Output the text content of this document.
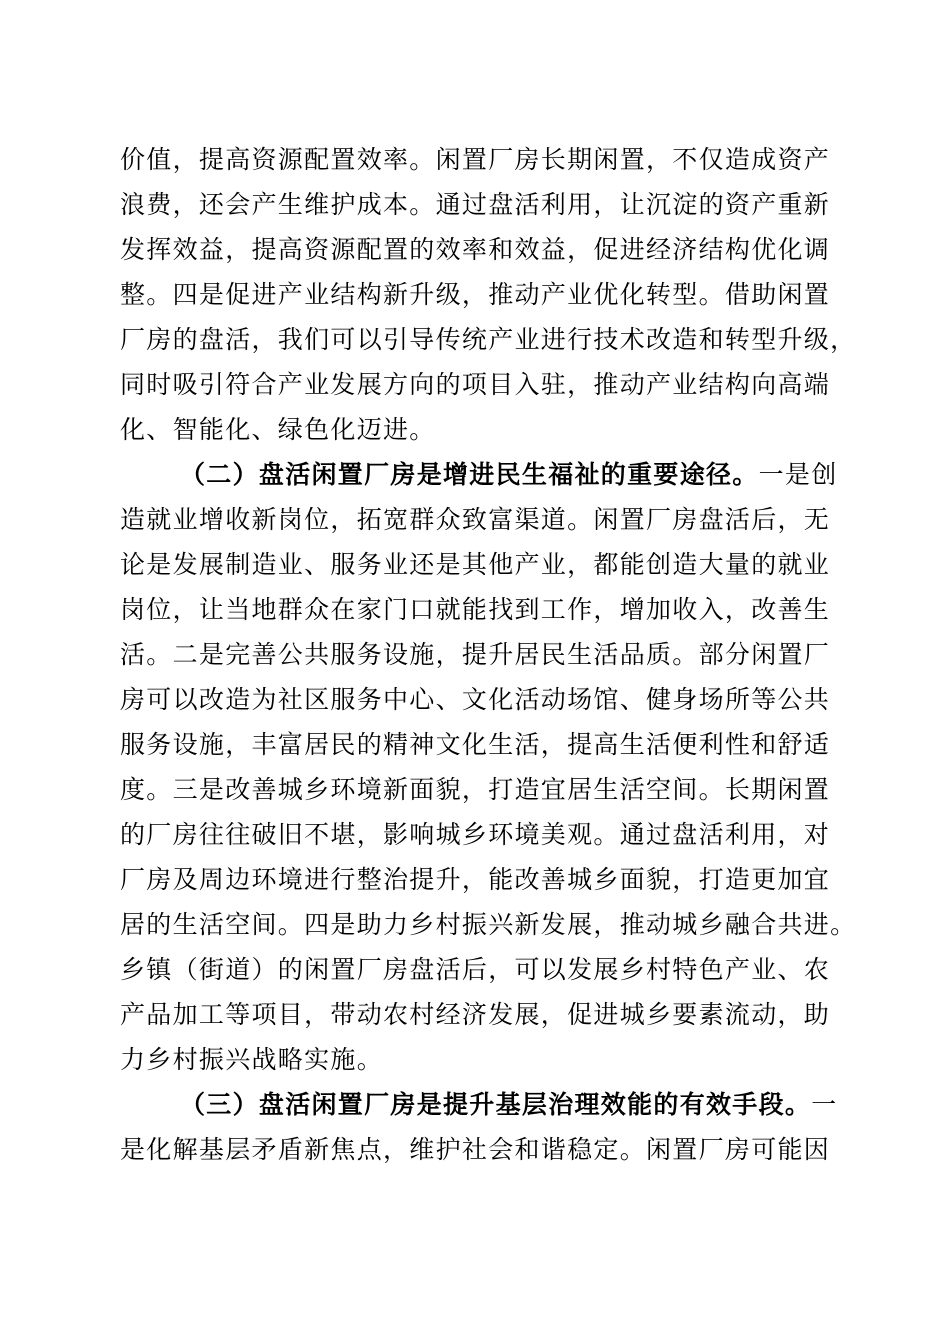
价值，提高资源配置效率。闲置厂房长期闲置，不仅造成资产
浪费，还会产生维护成本。通过盘活利用，让沉淀的资产重新
发挥效益，提高资源配置的效率和效益，促进经济结构优化调
整。四是促进产业结构新升级，推动产业优化转型。借助闲置
厂房的盘活，我们可以引导传统产业进行技术改造和转型升级，
同时吸引符合产业发展方向的项目入驻，推动产业结构向高端
化、智能化、绿色化迈进。
（二）盘活闲置厂房是增进民生福祉的重要途径。一是创
造就业增收新岗位，拓宽群众致富渠道。闲置厂房盘活后，无
论是发展制造业、服务业还是其他产业，都能创造大量的就业
岗位，让当地群众在家门口就能找到工作，增加收入，改善生
活。二是完善公共服务设施，提升居民生活品质。部分闲置厂
房可以改造为社区服务中心、文化活动场馆、健身场所等公共
服务设施，丰富居民的精神文化生活，提高生活便利性和舒适
度。三是改善城乡环境新面貌，打造宜居生活空间。长期闲置
的厂房往往破旧不堪，影响城乡环境美观。通过盘活利用，对
厂房及周边环境进行整治提升，能改善城乡面貌，打造更加宜
居的生活空间。四是助力乡村振兴新发展，推动城乡融合共进。
乡镇（街道）的闲置厂房盘活后，可以发展乡村特色产业、农
产品加工等项目，带动农村经济发展，促进城乡要素流动，助
力乡村振兴战略实施。
（三）盘活闲置厂房是提升基层治理效能的有效手段。一
是化解基层矛盾新焦点，维护社会和谐稳定。闲置厂房可能因
